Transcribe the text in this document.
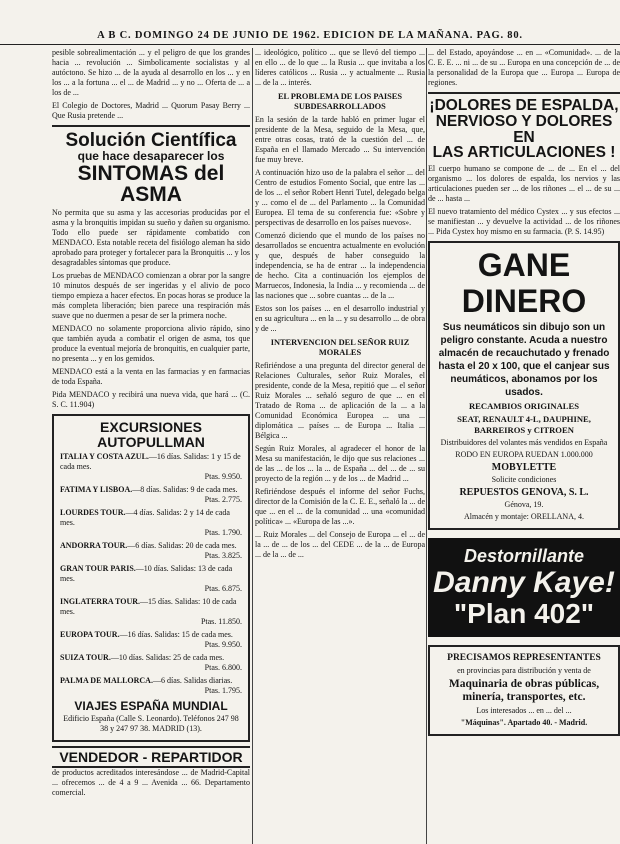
A B C. DOMINGO 24 DE JUNIO DE 1962. EDICION DE LA MAÑANA. PAG. 80.

pesible sobrealimentación ... y el peligro de que los grandes hacia ... revolución ... Simbolicamente socialistas y al autóctono. Se hizo ... de la ayuda al desarrollo en los ... y en los ... a la fortuna ... el ... de Madrid ... y no ... Oferta de ... a los de ...

El Colegio de Doctores, Madrid ... Quorum Pasay Berry ... Que Rusia pretende ...

Solución Científica
que hace desaparecer los
SINTOMAS del ASMA

No permita que su asma y las accesorias producidas por el asma y la bronquitis impidan su sueño y dañen su organismo. Todo ello puede ser rápidamente combatido con MENDACO. Esta notable receta del fisiólogo aleman ha sido aprobado para proteger y fortalecer para la Bronquitis ... y los desagradables síntomas que produce.

Los pruebas de MENDACO comienzan a obrar por la sangre 10 minutos después de ser ingeridas y el alivio de poco tiempo empieza a hacer efectos. En pocas horas se produce la más completa liberación; bien parece una respiración más suave que no duermen a pesar de ser la primera noche.

MENDACO no solamente proporciona alivio rápido, sino que también ayuda a combatir el origen de asma, tos que produce la eventual mejoría de bronquitis, en cualquier parte, no presenta ... y en los gemidos.

MENDACO está a la venta en las farmacias y en farmacias de toda España.

Pida MENDACO y recibirá una nueva vida, que hará ... (C. S. C. 11.904)

EXCURSIONES AUTOPULLMAN
ITALIA Y COSTA AZUL.—16 días. Salidas: 1 y 15 de cada mes.
Ptas. 9.950.
FATIMA Y LISBOA.—8 días. Salidas: 9 de cada mes.
Ptas. 2.775.
LOURDES TOUR.—4 días. Salidas: 2 y 14 de cada mes.
Ptas. 1.790.
ANDORRA TOUR.—6 días. Salidas: 20 de cada mes.
Ptas. 3.825.
GRAN TOUR PARIS.—10 días. Salidas: 13 de cada mes.
Ptas. 6.875.
INGLATERRA TOUR.—15 días. Salidas: 10 de cada mes.
Ptas. 11.850.
EUROPA TOUR.—16 días. Salidas: 15 de cada mes.
Ptas. 9.950.
SUIZA TOUR.—10 días. Salidas: 25 de cada mes.
Ptas. 6.800.
PALMA DE MALLORCA.—6 días. Salidas diarias.
Ptas. 1.795.
VIAJES ESPAÑA MUNDIAL
Edificio España (Calle S. Leonardo). Teléfonos 247 98 38 y 247 97 38. MADRID (13).
VENDEDOR - REPARTIDOR

de productos acreditados interesándose ... de Madrid-Capital ... ofrecemos ... de 4 a 9 ... Avenida ... 66. Departamento comercial.

... ideológico, político ... que se llevó del tiempo ... en ello ... de lo que ... la Rusia ... que invitaba a los líderes católicos ... Rusia ... y actualmente ... Rusia ... de la ... interés.

EL PROBLEMA DE LOS PAISES SUBDESARROLLADOS

En la sesión de la tarde habló en primer lugar el presidente de la Mesa, seguido de la Mesa, que, entre otras cosas, trató de la cuestión del ... de España en el llamado Mercado ... Su intervención fue muy breve.

A continuación hizo uso de la palabra el señor ... del Centro de estudios Fomento Social, que entre las ... de los ... el señor Robert Henri Tutel, delegado belga y ... como el de ... del Parlamento ... la Comunidad Europea. El tema de su conferencia fue: «Sobre y perspectivas de desarrollo en los países nuevos».

Comenzó diciendo que el mundo de los países no desarrollados se encuentra actualmente en evolución y que, después de haber conseguido la independencia, se ha de entrar ... la independencia de hecho. Cita a continuación los ejemplos de Marruecos, Indonesia, la India ... y recomienda ... de las naciones que ... sobre cuantas ... de la ...

Estos son los países ... en el desarrollo industrial y en su agricultura ... en la ... y su desarrollo ... de obra y de ...

INTERVENCION DEL SEÑOR RUIZ MORALES

Refiriéndose a una pregunta del director general de Relaciones Culturales, señor Ruiz Morales, el presidente, conde de la Mesa, repitió que ... el señor Ruiz Morales ... señaló seguro de que ... en el Tratado de Roma ... de aplicación de la ... a la Comunidad Económica Europea ... una ... diplomática ... países ... de Europa ... Italia ... Bélgica ...

Según Ruiz Morales, al agradecer el honor de la Mesa su manifestación, le dijo que sus relaciones ... de las ... de los ... la ... de España ... del ... de ... su proyecto de la región ... y de los ... de Madrid ...

Refiriéndose después el informe del señor Fuchs, director de la Comisión de la C. E. E., señaló la ... de que ... en el ... de la comunidad ... una «comunidad política» ... «Europa de las ...».

... Ruiz Morales ... del Consejo de Europa ... el ... de la ... de ... de los ... del CEDE ... de la ... de Europa ... de la ... de ...

... del Estado, apoyándose ... en ... «Comunidad». ... de la C. E. E. ... ni ... de su ... Europa en una concepción de ... de la personalidad de la Europa que ... Europa ... Europa de regiones.

¡DOLORES DE ESPALDA,
NERVIOSO Y DOLORES EN
LAS ARTICULACIONES !

El cuerpo humano se compone de ... de ... En el ... del organismo ... los dolores de espalda, los nervios y las articulaciones pueden ser ... de los riñones ... el ... de su ... de ... hasta ...

El nuevo tratamiento del médico Cystex ... y sus efectos ... se manifiestan ... y devuelve la actividad ... de los riñones ... Pida Cystex hoy mismo en su farmacia. (P. S. 14.95)

GANE DINERO
Sus neumáticos sin dibujo son un peligro constante. Acuda a nuestro almacén de recauchutado y frenado hasta el 20 x 100, que el canjear sus neumáticos, abonamos por los usados.
RECAMBIOS ORIGINALES
SEAT, RENAULT 4-L, DAUPHINE, BARREIROS y CITROEN
Distribuidores del volantes más vendidos en España
RODO EN EUROPA RUEDAN 1.000.000
MOBYLETTE
Solicite condiciones
REPUESTOS GENOVA, S. L.
Génova, 19.
Almacén y montaje: ORELLANA, 4.
Destornillante
Danny Kaye!
"Plan 402"
PRECISAMOS REPRESENTANTES
en provincias para distribución y venta de
Maquinaria de obras públicas, minería, transportes, etc.
Los interesados ... en ... del ...
"Máquinas". Apartado 40. - Madrid.
